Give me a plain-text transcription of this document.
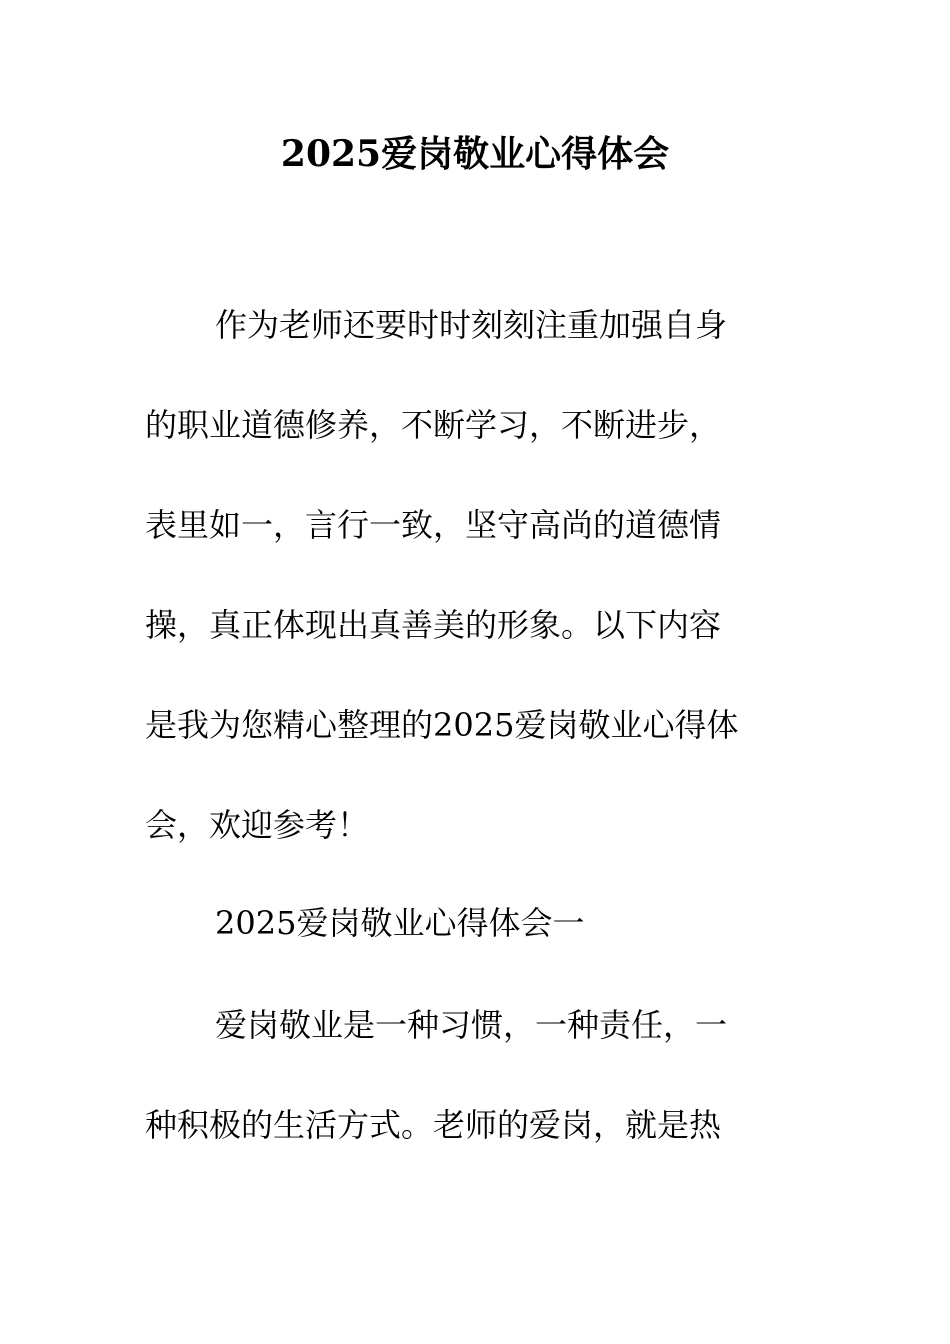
2025爱岗敬业心得体会

作为老师还要时时刻刻注重加强自身

的职业道德修养，不断学习，不断进步，

表里如一，言行一致，坚守高尚的道德情

操，真正体现出真善美的形象。以下内容

是我为您精心整理的2025爱岗敬业心得体

会，欢迎参考！

2025爱岗敬业心得体会一

爱岗敬业是一种习惯，一种责任，一

种积极的生活方式。老师的爱岗，就是热
